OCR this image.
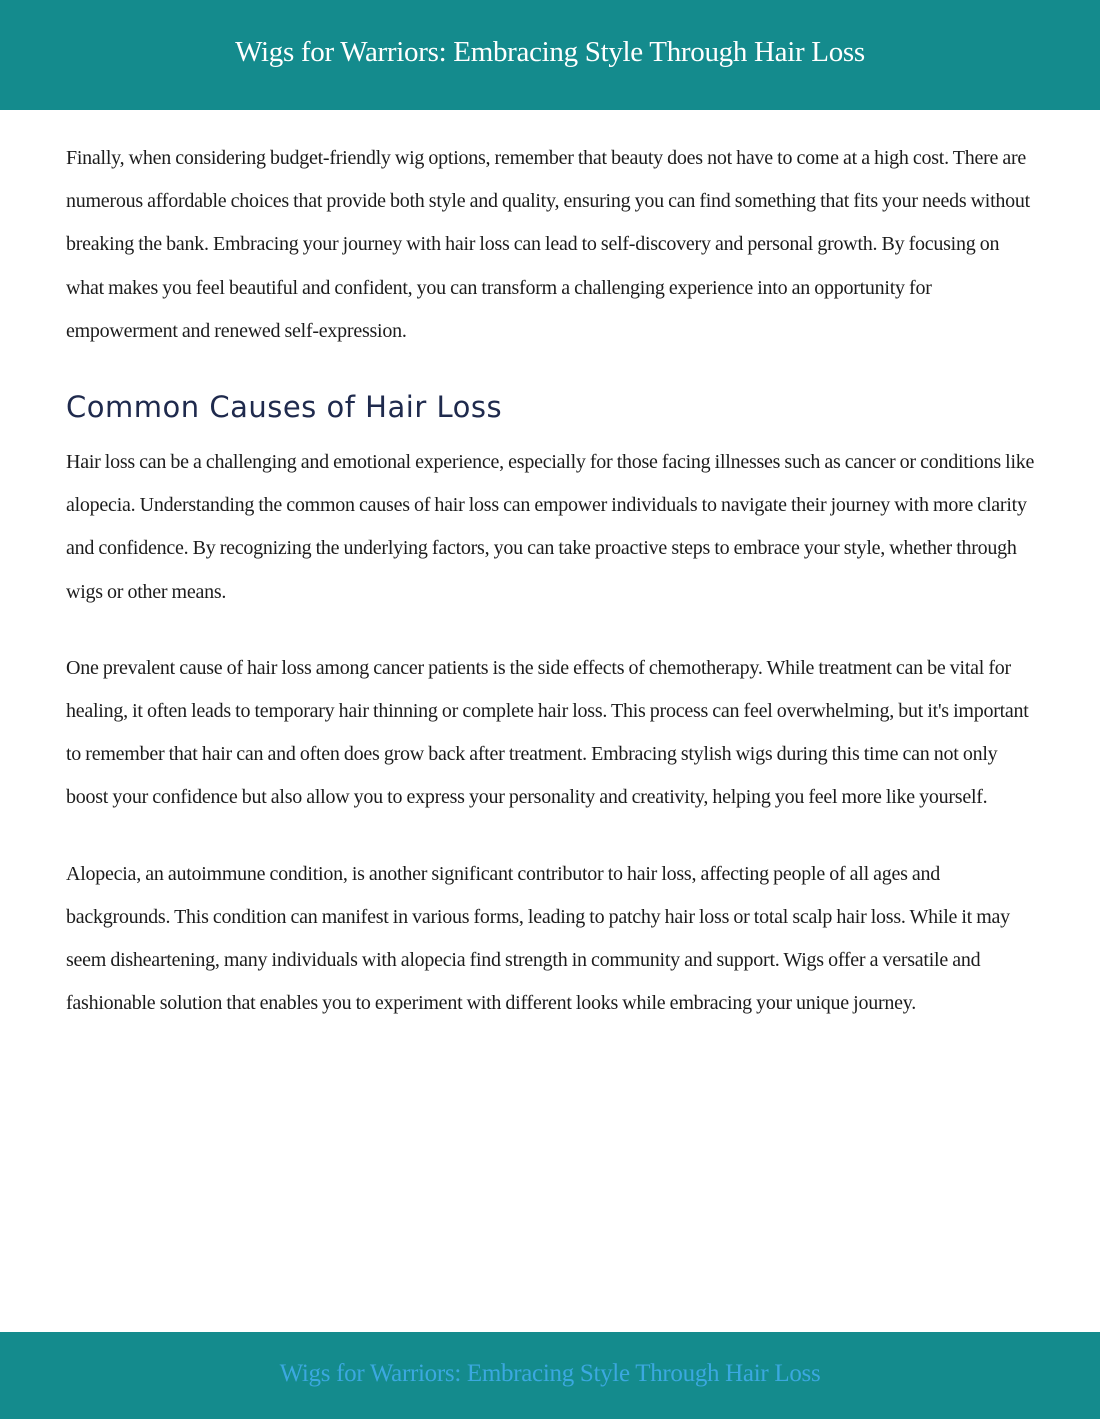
Wigs for Warriors: Embracing Style Through Hair Loss

Finally, when considering budget-friendly wig options, remember that beauty does not have to come at a high cost. There are numerous affordable choices that provide both style and quality, ensuring you can find something that fits your needs without breaking the bank. Embracing your journey with hair loss can lead to self-discovery and personal growth. By focusing on what makes you feel beautiful and confident, you can transform a challenging experience into an opportunity for empowerment and renewed self-expression.

Common Causes of Hair Loss

Hair loss can be a challenging and emotional experience, especially for those facing illnesses such as cancer or conditions like alopecia. Understanding the common causes of hair loss can empower individuals to navigate their journey with more clarity and confidence. By recognizing the underlying factors, you can take proactive steps to embrace your style, whether through wigs or other means.

One prevalent cause of hair loss among cancer patients is the side effects of chemotherapy. While treatment can be vital for healing, it often leads to temporary hair thinning or complete hair loss. This process can feel overwhelming, but it's important to remember that hair can and often does grow back after treatment. Embracing stylish wigs during this time can not only boost your confidence but also allow you to express your personality and creativity, helping you feel more like yourself.

Alopecia, an autoimmune condition, is another significant contributor to hair loss, affecting people of all ages and backgrounds. This condition can manifest in various forms, leading to patchy hair loss or total scalp hair loss. While it may seem disheartening, many individuals with alopecia find strength in community and support. Wigs offer a versatile and fashionable solution that enables you to experiment with different looks while embracing your unique journey.

Wigs for Warriors: Embracing Style Through Hair Loss
